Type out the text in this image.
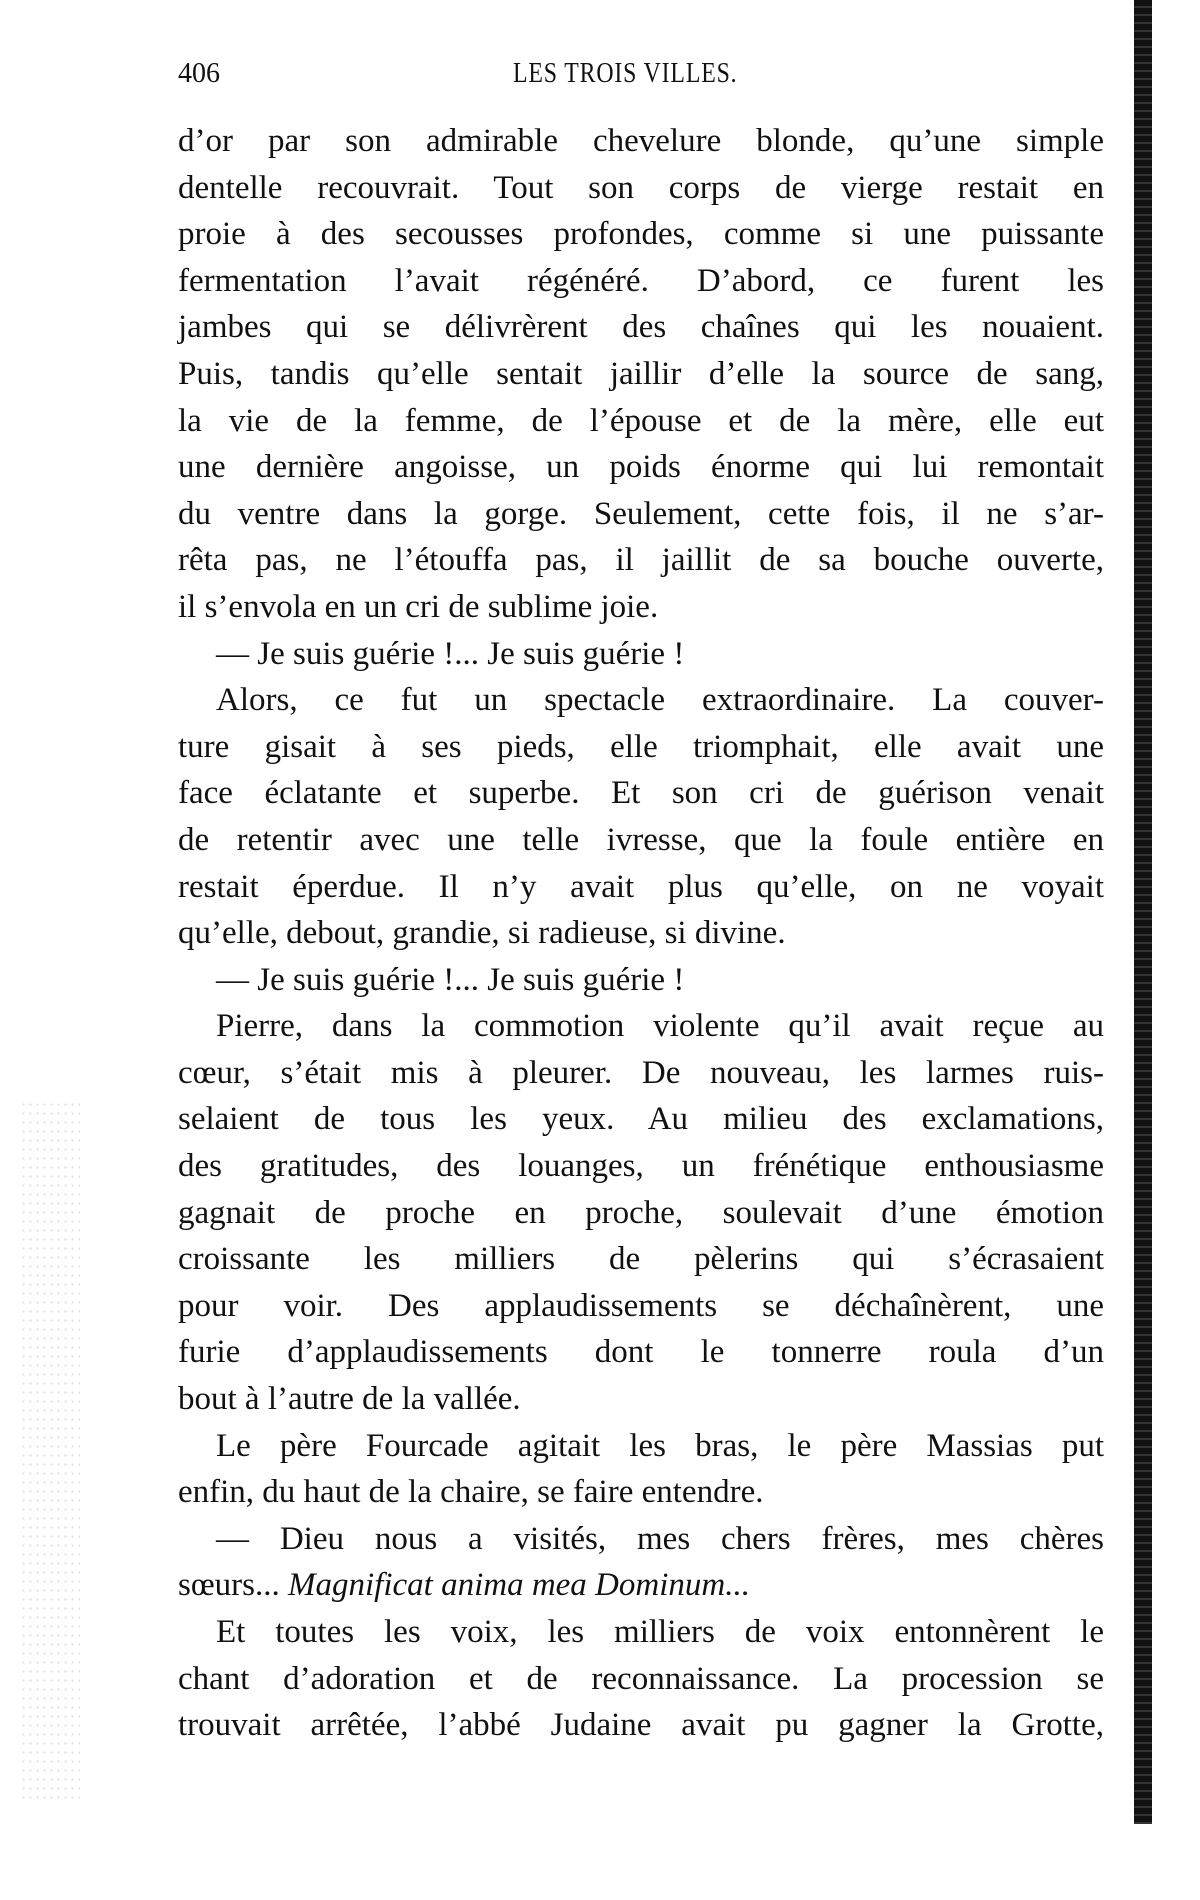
406	LES TROIS VILLES.
d’or par son admirable chevelure blonde, qu’une simple
dentelle recouvrait. Tout son corps de vierge restait en
proie à des secousses profondes, comme si une puissante
fermentation l’avait régénéré. D’abord, ce furent les
jambes qui se délivrèrent des chaînes qui les nouaient.
Puis, tandis qu’elle sentait jaillir d’elle la source de sang,
la vie de la femme, de l’épouse et de la mère, elle eut
une dernière angoisse, un poids énorme qui lui remontait
du ventre dans la gorge. Seulement, cette fois, il ne s’ar-
rêta pas, ne l’étouffa pas, il jaillit de sa bouche ouverte,
il s’envola en un cri de sublime joie.
— Je suis guérie !... Je suis guérie !
Alors, ce fut un spectacle extraordinaire. La couver-
ture gisait à ses pieds, elle triomphait, elle avait une
face éclatante et superbe. Et son cri de guérison venait
de retentir avec une telle ivresse, que la foule entière en
restait éperdue. Il n’y avait plus qu’elle, on ne voyait
qu’elle, debout, grandie, si radieuse, si divine.
— Je suis guérie !... Je suis guérie !
Pierre, dans la commotion violente qu’il avait reçue au
cœur, s’était mis à pleurer. De nouveau, les larmes ruis-
selaient de tous les yeux. Au milieu des exclamations,
des gratitudes, des louanges, un frénétique enthousiasme
gagnait de proche en proche, soulevait d’une émotion
croissante les milliers de pèlerins qui s’écrasaient
pour voir. Des applaudissements se déchaînèrent, une
furie d’applaudissements dont le tonnerre roula d’un
bout à l’autre de la vallée.
Le père Fourcade agitait les bras, le père Massias put
enfin, du haut de la chaire, se faire entendre.
— Dieu nous a visités, mes chers frères, mes chères
sœurs... Magnificat anima mea Dominum...
Et toutes les voix, les milliers de voix entonnèrent le
chant d’adoration et de reconnaissance. La procession se
trouvait arrêtée, l’abbé Judaine avait pu gagner la Grotte,
